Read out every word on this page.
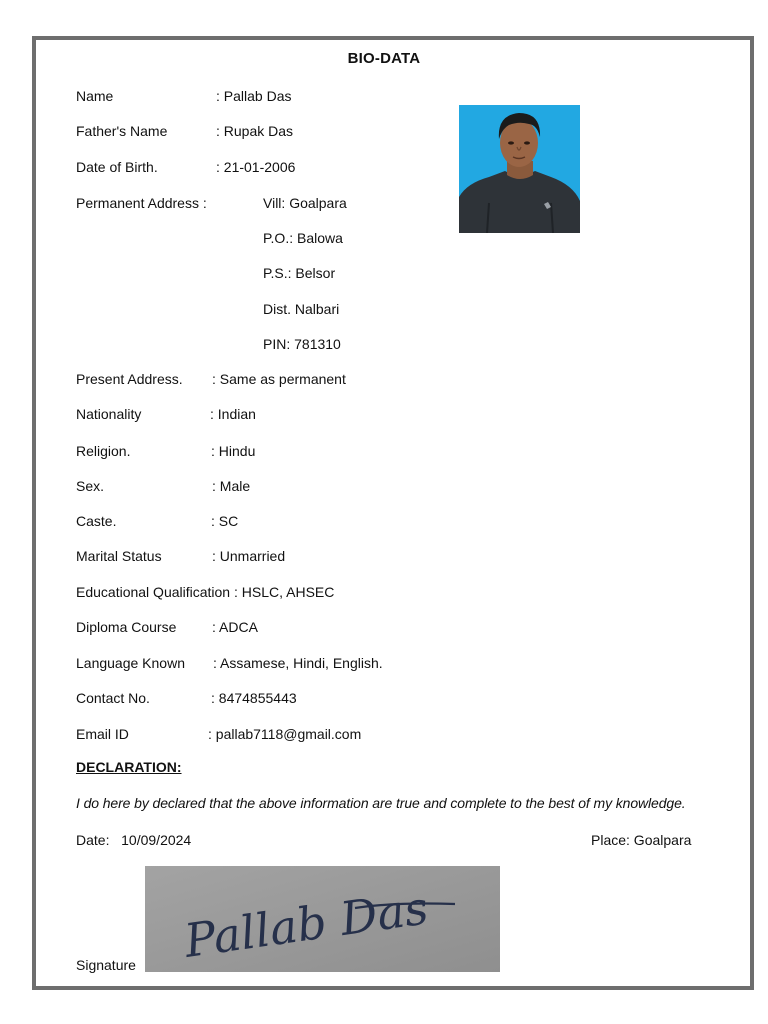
BIO-DATA
Name	: Pallab Das
Father's Name	: Rupak Das
Date of Birth.	: 21-01-2006
Permanent Address :	Vill: Goalpara
P.O.: Balowa
P.S.: Belsor
Dist. Nalbari
PIN: 781310
Present Address. : Same as permanent
Nationality	: Indian
Religion.	: Hindu
Sex.	: Male
Caste.	: SC
Marital Status	: Unmarried
Educational Qualification : HSLC, AHSEC
Diploma Course	: ADCA
Language Known : Assamese, Hindi, English.
Contact No.	: 8474855443
Email ID	: pallab7118@gmail.com
DECLARATION:
I do here by declared that the above information are true and complete to the best of my knowledge.
Date: 10/09/2024	Place: Goalpara
Signature Pallab Das
